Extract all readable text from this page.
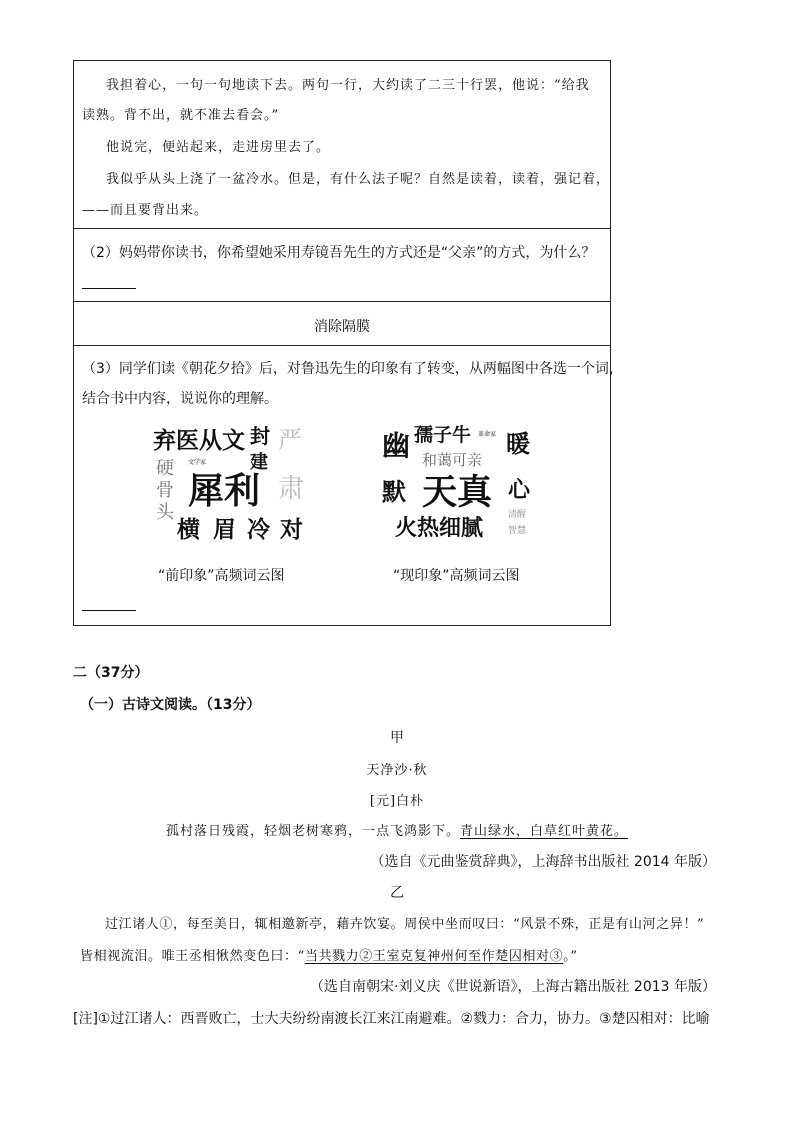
我担着心，一句一句地读下去。两句一行，大约读了二三十行罢，他说：“给我
读熟。背不出，就不准去看会。”
他说完，便站起来，走进房里去了。
我似乎从头上浇了一盆冷水。但是，有什么法子呢？自然是读着，读着，强记着，
——而且要背出来。
（2）妈妈带你读书，你希望她采用寿镜吾先生的方式还是“父亲”的方式，为什么？
消除隔膜
（3）同学们读《朝花夕拾》后，对鲁迅先生的印象有了转变，从两幅图中各选一个词，
结合书中内容，说说你的理解。
弃医从文 封
建
严
肃
文学家
硬
骨
头
犀利
横 眉 冷 对
“前印象”高频词云图
幽
默
孺子牛 革命家
和蔼可亲
暖
天真 心
清醒
智慧
火热细腻
“现印象”高频词云图
二（37分）
（一）古诗文阅读。（13分）
甲
天净沙·秋
[元]白朴
孤村落日残霞，轻烟老树寒鸦，一点飞鸿影下。青山绿水，白草红叶黄花。
（选自《元曲鉴赏辞典》，上海辞书出版社 2014 年版）
乙
过江诸人①，每至美日，辄相邀新亭，藉卉饮宴。周侯中坐而叹曰：“风景不殊，正是有山河之异！”
皆相视流泪。唯王丞相愀然变色曰：“当共戮力②王室克复神州何至作楚囚相对③。”
（选自南朝宋·刘义庆《世说新语》，上海古籍出版社 2013 年版）
[注]①过江诸人：西晋败亡，士大夫纷纷南渡长江来江南避难。②戮力：合力，协力。③楚囚相对：比喻
